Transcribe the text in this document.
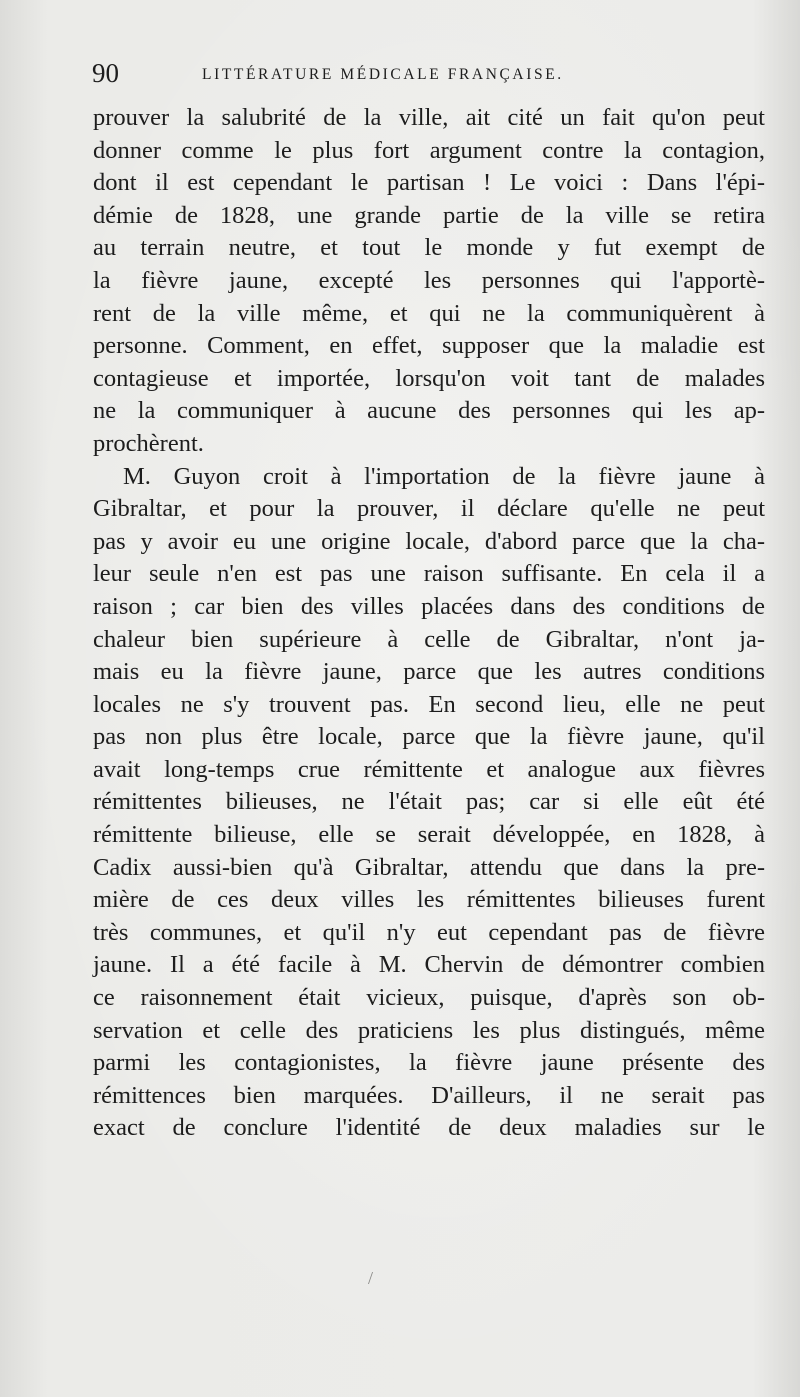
90	LITTÉRATURE MÉDICALE FRANÇAISE.
prouver la salubrité de la ville, ait cité un fait qu'on peut
donner comme le plus fort argument contre la contagion,
dont il est cependant le partisan ! Le voici : Dans l'épi-
démie de 1828, une grande partie de la ville se retira
au terrain neutre, et tout le monde y fut exempt de
la fièvre jaune, excepté les personnes qui l'apportè-
rent de la ville même, et qui ne la communiquèrent à
personne. Comment, en effet, supposer que la maladie est
contagieuse et importée, lorsqu'on voit tant de malades
ne la communiquer à aucune des personnes qui les ap-
prochèrent.
M. Guyon croit à l'importation de la fièvre jaune à
Gibraltar, et pour la prouver, il déclare qu'elle ne peut
pas y avoir eu une origine locale, d'abord parce que la cha-
leur seule n'en est pas une raison suffisante. En cela il a
raison ; car bien des villes placées dans des conditions de
chaleur bien supérieure à celle de Gibraltar, n'ont ja-
mais eu la fièvre jaune, parce que les autres conditions
locales ne s'y trouvent pas. En second lieu, elle ne peut
pas non plus être locale, parce que la fièvre jaune, qu'il
avait long-temps crue rémittente et analogue aux fièvres
rémittentes bilieuses, ne l'était pas; car si elle eût été
rémittente bilieuse, elle se serait développée, en 1828, à
Cadix aussi-bien qu'à Gibraltar, attendu que dans la pre-
mière de ces deux villes les rémittentes bilieuses furent
très communes, et qu'il n'y eut cependant pas de fièvre
jaune. Il a été facile à M. Chervin de démontrer combien
ce raisonnement était vicieux, puisque, d'après son ob-
servation et celle des praticiens les plus distingués, même
parmi les contagionistes, la fièvre jaune présente des
rémittences bien marquées. D'ailleurs, il ne serait pas
exact de conclure l'identité de deux maladies sur le
/
